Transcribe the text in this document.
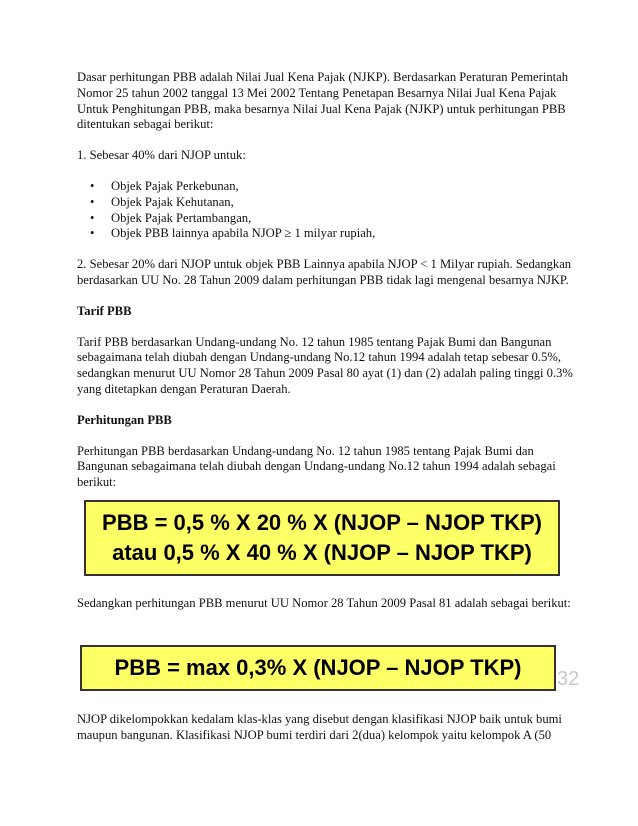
Dasar perhitungan PBB adalah Nilai Jual Kena Pajak (NJKP). Berdasarkan Peraturan Pemerintah Nomor 25 tahun 2002 tanggal 13 Mei 2002 Tentang Penetapan Besarnya Nilai Jual Kena Pajak Untuk Penghitungan PBB, maka besarnya Nilai Jual Kena Pajak (NJKP) untuk perhitungan PBB ditentukan sebagai berikut:

1. Sebesar 40% dari NJOP untuk:

• Objek Pajak Perkebunan,
• Objek Pajak Kehutanan,
• Objek Pajak Pertambangan,
• Objek PBB lainnya apabila NJOP ≥ 1 milyar rupiah,

2. Sebesar 20% dari NJOP untuk objek PBB Lainnya apabila NJOP < 1 Milyar rupiah. Sedangkan berdasarkan UU No. 28 Tahun 2009 dalam perhitungan PBB tidak lagi mengenal besarnya NJKP.

Tarif PBB

Tarif PBB berdasarkan Undang-undang No. 12 tahun 1985 tentang Pajak Bumi dan Bangunan sebagaimana telah diubah dengan Undang-undang No.12 tahun 1994 adalah tetap sebesar 0.5%, sedangkan menurut UU Nomor 28 Tahun 2009 Pasal 80 ayat (1) dan (2) adalah paling tinggi 0.3% yang ditetapkan dengan Peraturan Daerah.

Perhitungan PBB

Perhitungan PBB berdasarkan Undang-undang No. 12 tahun 1985 tentang Pajak Bumi dan Bangunan sebagaimana telah diubah dengan Undang-undang No.12 tahun 1994 adalah sebagai berikut:

PBB = 0,5 % X 20 % X (NJOP – NJOP TKP)
atau 0,5 % X 40 % X (NJOP – NJOP TKP)

Sedangkan perhitungan PBB menurut UU Nomor 28 Tahun 2009 Pasal 81 adalah sebagai berikut:

PBB = max 0,3% X (NJOP – NJOP TKP)	32

NJOP dikelompokkan kedalam klas-klas yang disebut dengan klasifikasi NJOP baik untuk bumi maupun bangunan. Klasifikasi NJOP bumi terdiri dari 2(dua) kelompok yaitu kelompok A (50
